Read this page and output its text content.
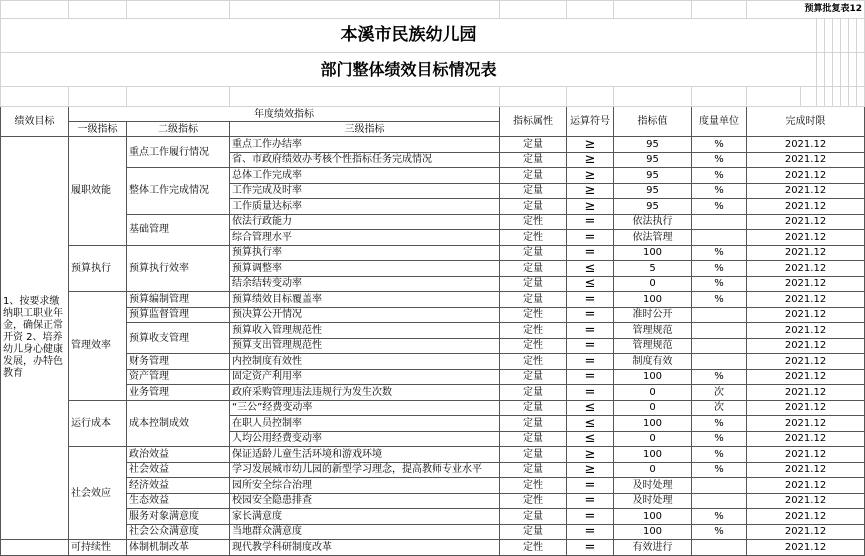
								预算批复表12							
本溪市民族幼儿园															
部门整体绩效目标情况表															

绩效目标	年度绩效指标			指标属性	运算符号	指标值	度量单位	完成时限							
	一级指标	二级指标	三级指标												
1、按要求缴纳职工职业年金，确保正常开资 2、培养幼儿身心健康发展，办特色教育	履职效能	重点工作履行情况	重点工作办结率	定量	≥	95	%	2021.12							
			省、市政府绩效办考核个性指标任务完成情况	定量	≥	95	%	2021.12							
		整体工作完成情况	总体工作完成率	定量	≥	95	%	2021.12							
			工作完成及时率	定量	≥	95	%	2021.12							
			工作质量达标率	定量	≥	95	%	2021.12							
		基础管理	依法行政能力	定性	=	依法执行		2021.12							
			综合管理水平	定性	=	依法管理		2021.12							
	预算执行	预算执行效率	预算执行率	定量	=	100	%	2021.12							
			预算调整率	定量	≤	5	%	2021.12							
			结余结转变动率	定量	≤	0	%	2021.12							
	管理效率	预算编制管理	预算绩效目标覆盖率	定量	=	100	%	2021.12							
		预算监督管理	预决算公开情况	定性	=	准时公开		2021.12							
		预算收支管理	预算收入管理规范性	定性	=	管理规范		2021.12							
			预算支出管理规范性	定性	=	管理规范		2021.12							
		财务管理	内控制度有效性	定性	=	制度有效		2021.12							
		资产管理	固定资产利用率	定量	=	100	%	2021.12							
		业务管理	政府采购管理违法违规行为发生次数	定量	=	0	次	2021.12							
	运行成本	成本控制成效	“三公”经费变动率	定量	≤	0	次	2021.12							
			在职人员控制率	定量	≤	100	%	2021.12							
			人均公用经费变动率	定量	≤	0	%	2021.12							
	社会效应	政治效益	保证适龄儿童生活环境和游戏环境	定量	≥	100	%	2021.12							
		社会效益	学习发展城市幼儿园的新型学习理念，提高教师专业水平	定量	≥	0	%	2021.12							
		经济效益	园所安全综合治理	定性	=	及时处理		2021.12							
		生态效益	校园安全隐患排查	定性	=	及时处理		2021.12							
		服务对象满意度	家长满意度	定量	=	100	%	2021.12							
		社会公众满意度	当地群众满意度	定量	=	100	%	2021.12							
	可持续性	体制机制改革	现代教学科研制度改革	定性	=	有效进行		2021.12							
